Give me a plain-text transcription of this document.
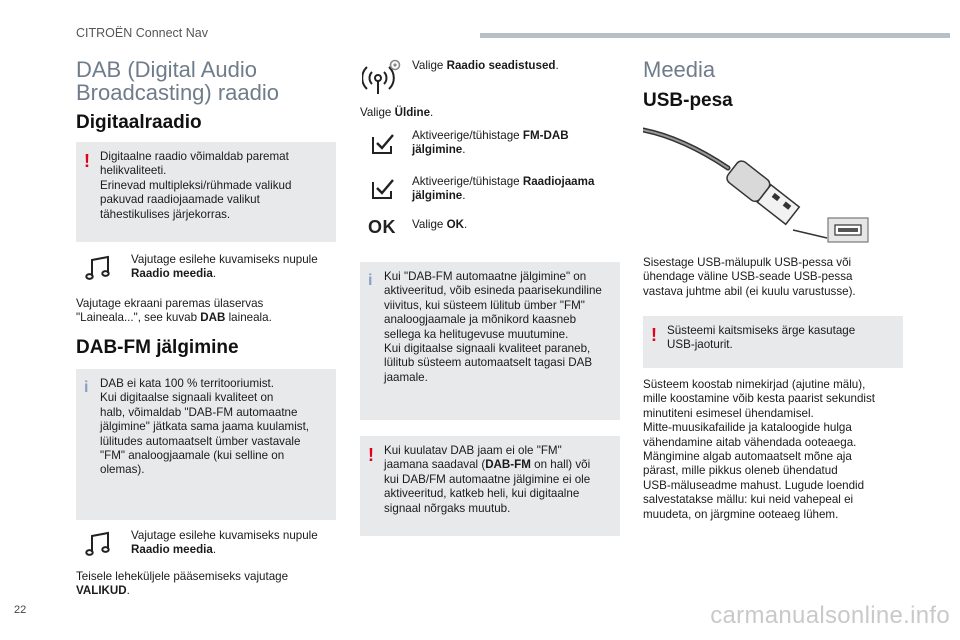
CITROËN Connect Nav
DAB (Digital Audio
Broadcasting) raadio
Digitaalraadio
! Digitaalne raadio võimaldab paremat
helikvaliteeti.
Erinevad multipleksi/rühmade valikud
pakuvad raadiojaamade valikut
tähestikulises järjekorras.
Vajutage esilehe kuvamiseks nupule
Raadio meedia.
Vajutage ekraani paremas ülaservas
"Laineala...", see kuvab DAB laineala.
DAB-FM jälgimine
i DAB ei kata 100 % territooriumist.
Kui digitaalse signaali kvaliteet on
halb, võimaldab "DAB-FM automaatne
jälgimine" jätkata sama jaama kuulamist,
lülitudes automaatselt ümber vastavale
"FM" analoogjaamale (kui selline on
olemas).
Vajutage esilehe kuvamiseks nupule
Raadio meedia.
Teisele leheküljele pääsemiseks vajutage
VALIKUD.
Valige Raadio seadistused.
Valige Üldine.
Aktiveerige/tühistage FM-DAB
jälgimine.
Aktiveerige/tühistage Raadiojaama
jälgimine.
OK Valige OK.
i Kui "DAB-FM automaatne jälgimine" on
aktiveeritud, võib esineda paarisekundiline
viivitus, kui süsteem lülitub ümber "FM"
analoogjaamale ja mõnikord kaasneb
sellega ka helitugevuse muutumine.
Kui digitaalse signaali kvaliteet paraneb,
lülitub süsteem automaatselt tagasi DAB
jaamale.
! Kui kuulatav DAB jaam ei ole "FM"
jaamana saadaval (DAB-FM on hall) või
kui DAB/FM automaatne jälgimine ei ole
aktiveeritud, katkeb heli, kui digitaalne
signaal nõrgaks muutub.
Meedia
USB-pesa
Sisestage USB-mälupulk USB-pessa või
ühendage väline USB-seade USB-pessa
vastava juhtme abil (ei kuulu varustusse).
! Süsteemi kaitsmiseks ärge kasutage
USB-jaoturit.
Süsteem koostab nimekirjad (ajutine mälu),
mille koostamine võib kesta paarist sekundist
minutiteni esimesel ühendamisel.
Mitte-muusikafailide ja kataloogide hulga
vähendamine aitab vähendada ooteaega.
Mängimine algab automaatselt mõne aja
pärast, mille pikkus oleneb ühendatud
USB-mäluseadme mahust. Lugude loendid
salvestatakse mällu: kui neid vahepeal ei
muudeta, on järgmine ooteaeg lühem.
22	carmanualsonline.info
